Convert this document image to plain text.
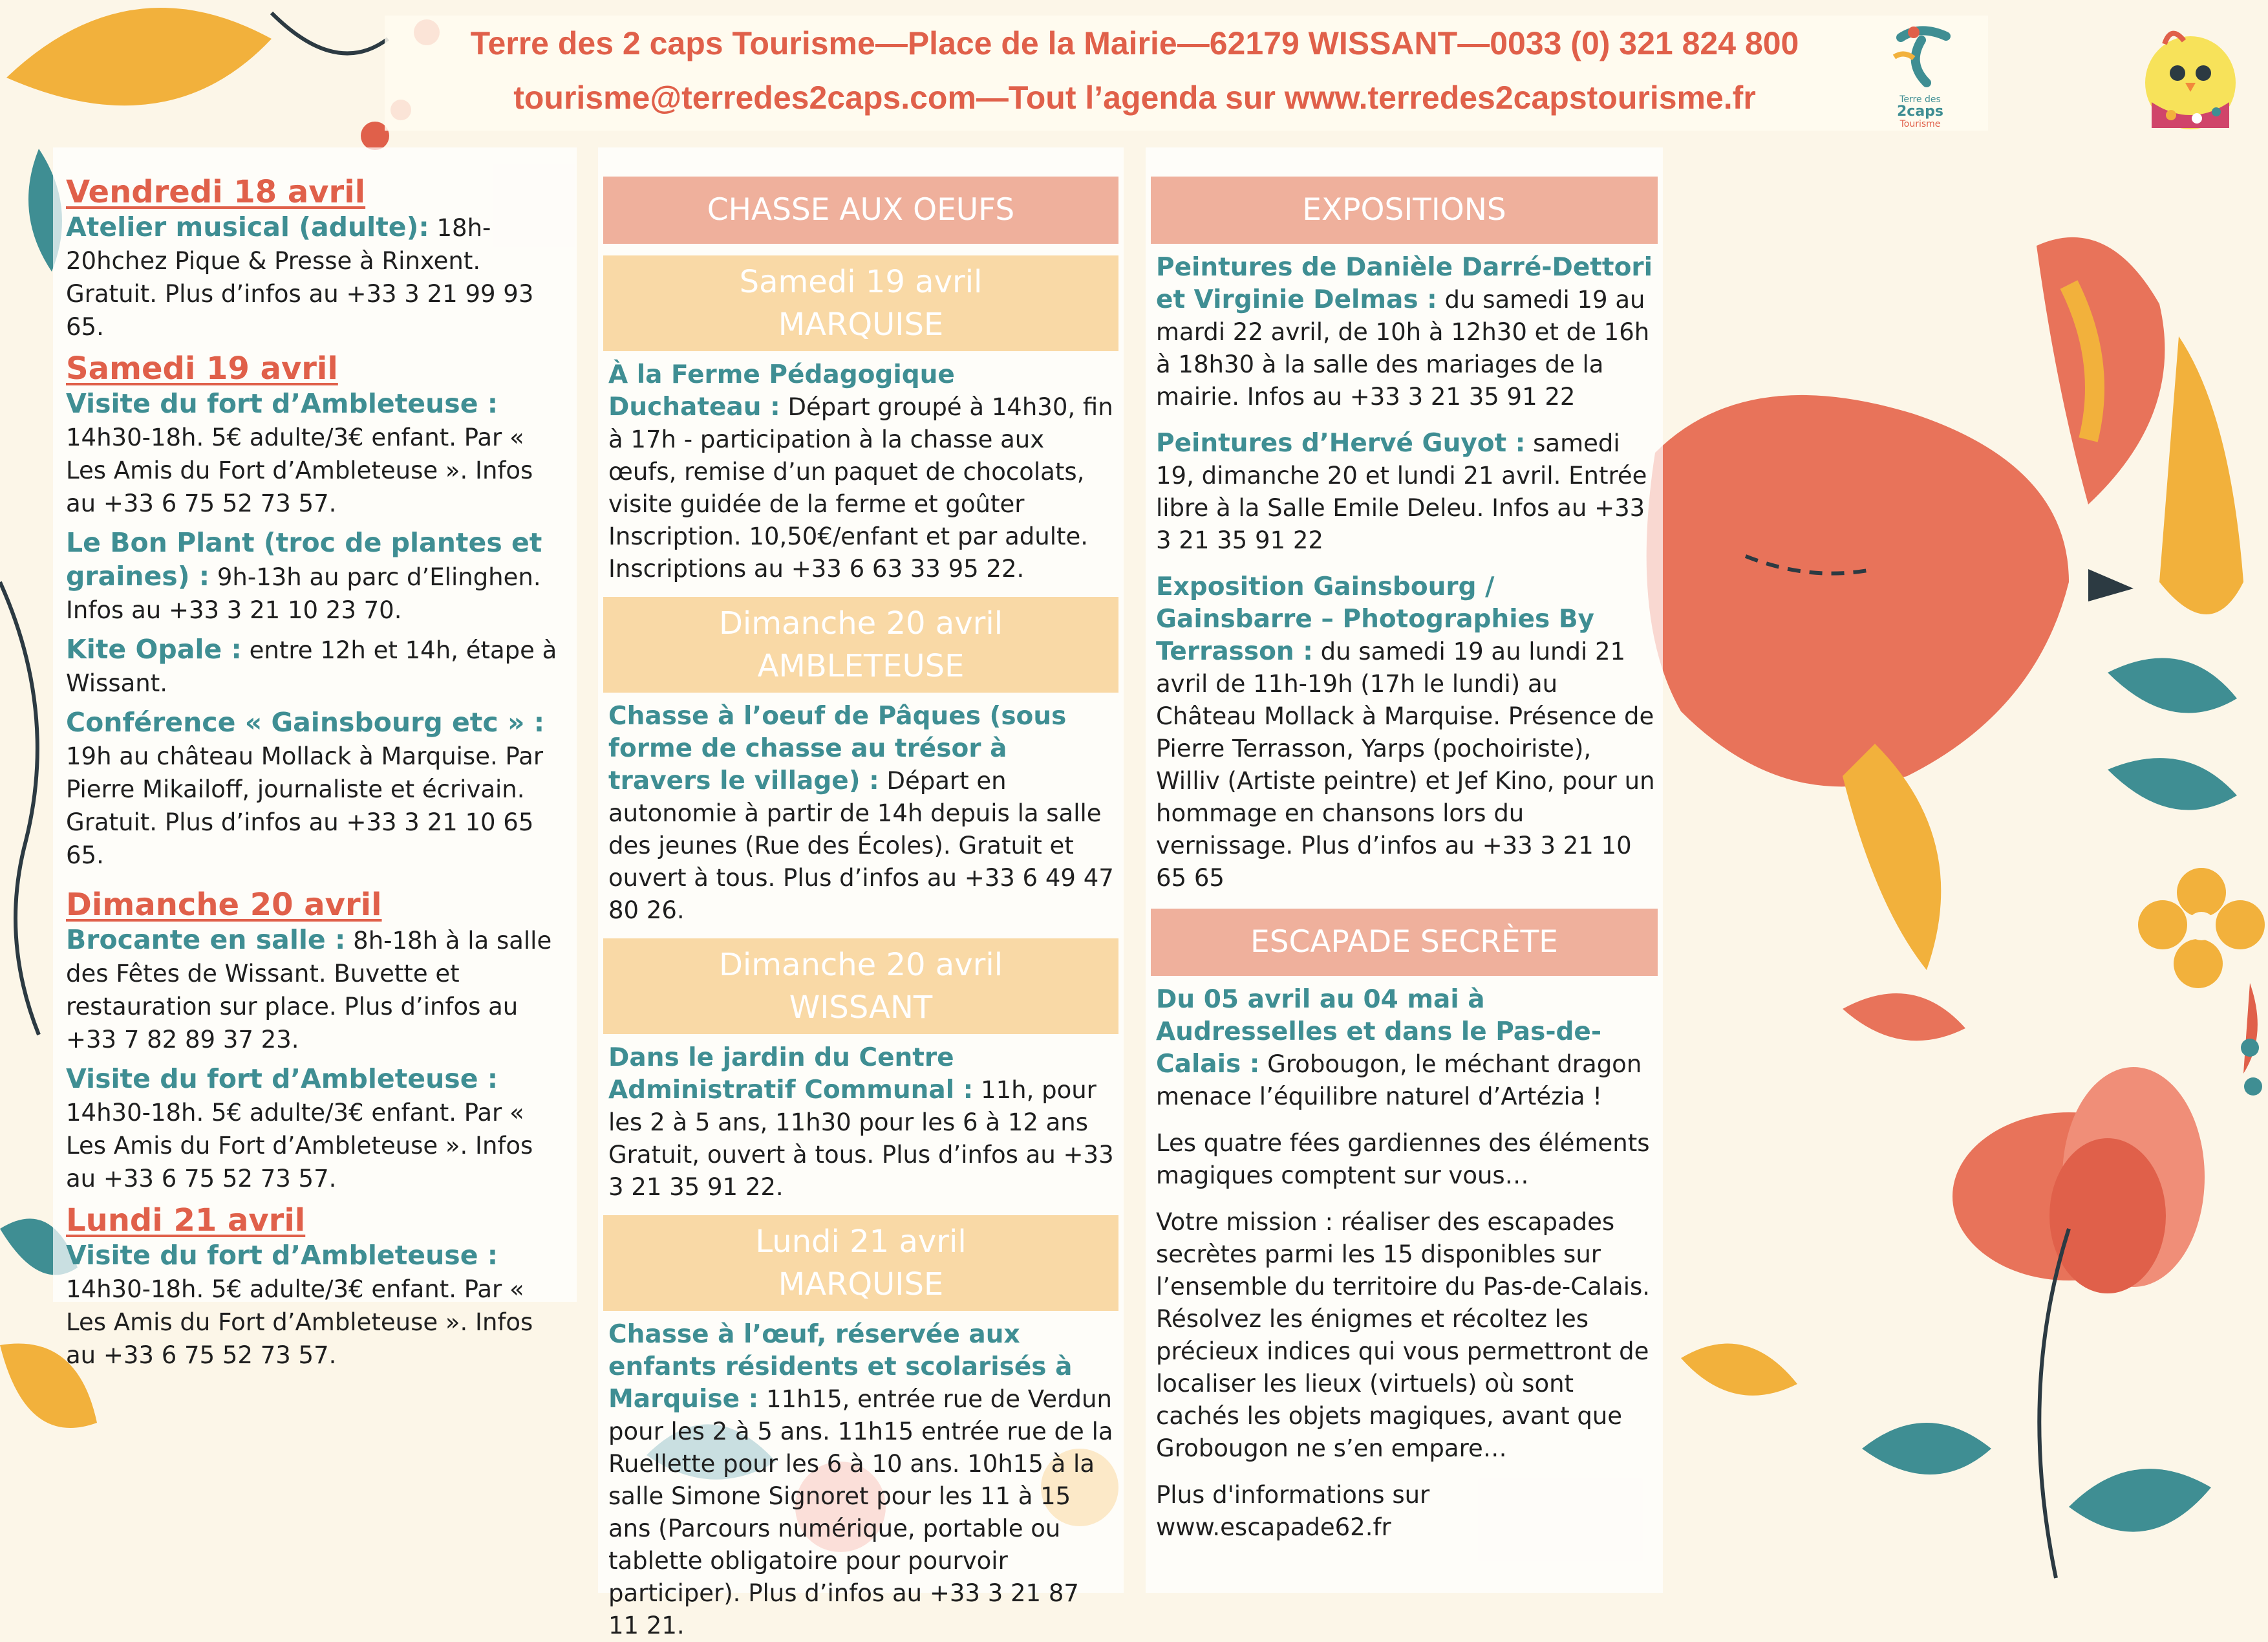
Terre des 2 caps Tourisme—Place de la Mairie—62179 WISSANT—0033 (0) 321 824 800
tourisme@terredes2caps.com—Tout l’agenda sur www.terredes2capstourisme.fr	Terre des
2caps
Tourisme
Vendredi 18 avril
Atelier musical (adulte): 18h-20hchez Pique & Presse à Rinxent. Gratuit. Plus d’infos au +33 3 21 99 93 65.
Samedi 19 avril
Visite du fort d’Ambleteuse : 14h30-18h. 5€ adulte/3€ enfant. Par « Les Amis du Fort d’Ambleteuse ». Infos au +33 6 75 52 73 57.
Le Bon Plant (troc de plantes et graines) : 9h-13h au parc d’Elinghen. Infos au +33 3 21 10 23 70.
Kite Opale : entre 12h et 14h, étape à Wissant.
Conférence « Gainsbourg etc » : 19h au château Mollack à Marquise. Par Pierre Mikailoff, journaliste et écrivain. Gratuit. Plus d’infos au +33 3 21 10 65 65.
Dimanche 20 avril
Brocante en salle : 8h-18h à la salle des Fêtes de Wissant. Buvette et restauration sur place. Plus d’infos au +33 7 82 89 37 23.
Visite du fort d’Ambleteuse : 14h30-18h. 5€ adulte/3€ enfant. Par « Les Amis du Fort d’Ambleteuse ». Infos au +33 6 75 52 73 57.
Lundi 21 avril
Visite du fort d’Ambleteuse : 14h30-18h. 5€ adulte/3€ enfant. Par « Les Amis du Fort d’Ambleteuse ». Infos au +33 6 75 52 73 57.
CHASSE AUX OEUFS
Samedi 19 avril
MARQUISE
À la Ferme Pédagogique Duchateau : Départ groupé à 14h30, fin à 17h - participation à la chasse aux œufs, remise d’un paquet de chocolats, visite guidée de la ferme et goûter Inscription. 10,50€/enfant et par adulte. Inscriptions au +33 6 63 33 95 22.
Dimanche 20 avril
AMBLETEUSE
Chasse à l’oeuf de Pâques (sous forme de chasse au trésor à travers le village) : Départ en autonomie à partir de 14h depuis la salle des jeunes (Rue des Écoles). Gratuit et ouvert à tous. Plus d’infos au +33 6 49 47 80 26.
Dimanche 20 avril
WISSANT
Dans le jardin du Centre Administratif Communal : 11h, pour les 2 à 5 ans, 11h30 pour les 6 à 12 ans Gratuit, ouvert à tous. Plus d’infos au +33 3 21 35 91 22.
Lundi 21 avril
MARQUISE
Chasse à l’œuf, réservée aux enfants résidents et scolarisés à Marquise : 11h15, entrée rue de Verdun pour les 2 à 5 ans. 11h15 entrée rue de la Ruellette pour les 6 à 10 ans. 10h15 à la salle Simone Signoret pour les 11 à 15 ans (Parcours numérique, portable ou tablette obligatoire pour pourvoir participer). Plus d’infos au +33 3 21 87 11 21.
EXPOSITIONS
Peintures de Danièle Darré-Dettori et Virginie Delmas : du samedi 19 au mardi 22 avril, de 10h à 12h30 et de 16h à 18h30 à la salle des mariages de la mairie. Infos au +33 3 21 35 91 22
Peintures d’Hervé Guyot : samedi 19, dimanche 20 et lundi 21 avril. Entrée libre à la Salle Emile Deleu. Infos au +33 3 21 35 91 22
Exposition Gainsbourg / Gainsbarre – Photographies By Terrasson : du samedi 19 au lundi 21 avril de 11h-19h (17h le lundi) au Château Mollack à Marquise. Présence de Pierre Terrasson, Yarps (pochoiriste), Williv (Artiste peintre) et Jef Kino, pour un hommage en chansons lors du vernissage. Plus d’infos au +33 3 21 10 65 65
ESCAPADE SECRÈTE
Du 05 avril au 04 mai à Audresselles et dans le Pas-de-Calais : Grobougon, le méchant dragon menace l’équilibre naturel d’Artézia !
Les quatre fées gardiennes des éléments magiques comptent sur vous…
Votre mission : réaliser des escapades secrètes parmi les 15 disponibles sur l’ensemble du territoire du Pas-de-Calais. Résolvez les énigmes et récoltez les précieux indices qui vous permettront de localiser les lieux (virtuels) où sont cachés les objets magiques, avant que Grobougon ne s’en empare…
Plus d'informations sur www.escapade62.fr
